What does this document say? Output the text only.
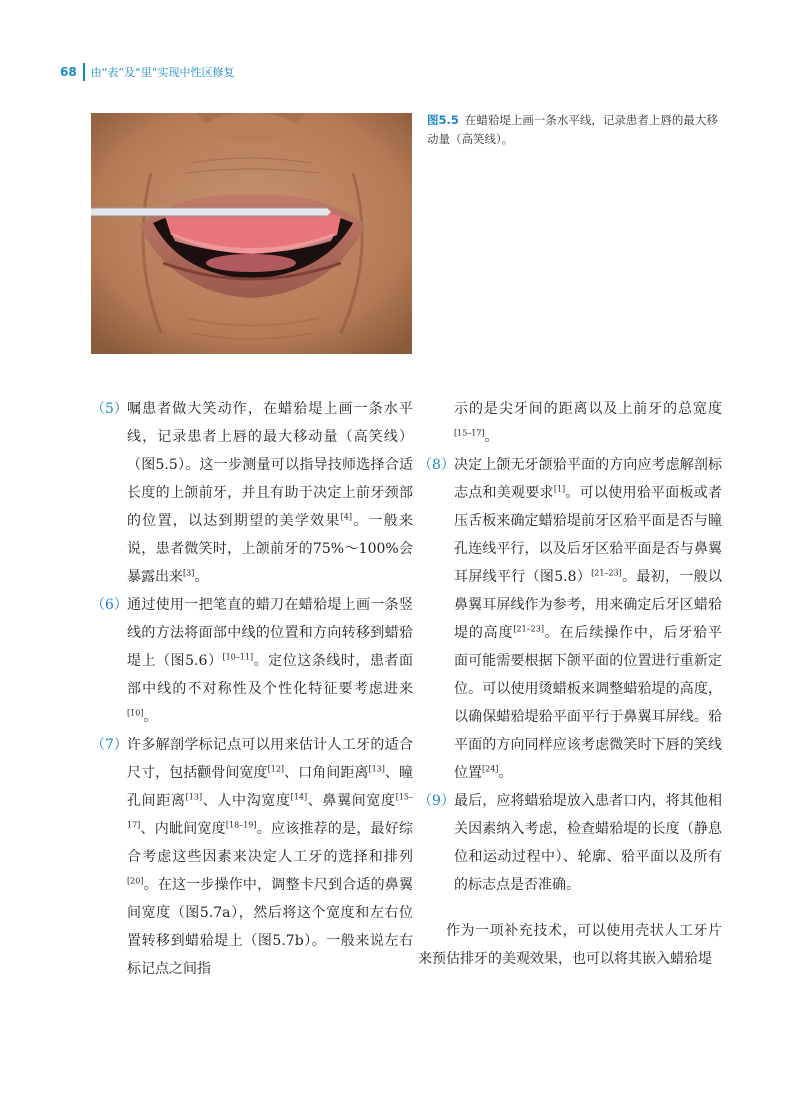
68 由“表”及“里”实现中性区修复
图5.5 在蜡𬌗堤上画一条水平线，记录患者上唇的最大移动量（高笑线）。
（5） 嘱患者做大笑动作，在蜡𬌗堤上画一条水平线，记录患者上唇的最大移动量（高笑线）（图5.5）。这一步测量可以指导技师选择合适长度的上颌前牙，并且有助于决定上前牙颈部的位置，以达到期望的美学效果[4]。一般来说，患者微笑时，上颌前牙的75%～100%会暴露出来[3]。
（6） 通过使用一把笔直的蜡刀在蜡𬌗堤上画一条竖线的方法将面部中线的位置和方向转移到蜡𬌗堤上（图5.6）[10–11]。定位这条线时，患者面部中线的不对称性及个性化特征要考虑进来[10]。
（7） 许多解剖学标记点可以用来估计人工牙的适合尺寸，包括颧骨间宽度[12]、口角间距离[13]、瞳孔间距离[13]、人中沟宽度[14]、鼻翼间宽度[15–17]、内眦间宽度[18–19]。应该推荐的是，最好综合考虑这些因素来决定人工牙的选择和排列[20]。在这一步操作中，调整卡尺到合适的鼻翼间宽度（图5.7a），然后将这个宽度和左右位置转移到蜡𬌗堤上（图5.7b）。一般来说左右标记点之间指
示的是尖牙间的距离以及上前牙的总宽度[15–17]。
（8） 决定上颌无牙颌𬌗平面的方向应考虑解剖标志点和美观要求[1]。可以使用𬌗平面板或者压舌板来确定蜡𬌗堤前牙区𬌗平面是否与瞳孔连线平行，以及后牙区𬌗平面是否与鼻翼耳屏线平行（图5.8）[21–23]。最初，一般以鼻翼耳屏线作为参考，用来确定后牙区蜡𬌗堤的高度[21–23]。在后续操作中，后牙𬌗平面可能需要根据下颌平面的位置进行重新定位。可以使用烫蜡板来调整蜡𬌗堤的高度，以确保蜡𬌗堤𬌗平面平行于鼻翼耳屏线。𬌗平面的方向同样应该考虑微笑时下唇的笑线位置[24]。
（9） 最后，应将蜡𬌗堤放入患者口内，将其他相关因素纳入考虑，检查蜡𬌗堤的长度（静息位和运动过程中）、轮廓、𬌗平面以及所有的标志点是否准确。
作为一项补充技术，可以使用壳状人工牙片来预估排牙的美观效果，也可以将其嵌入蜡𬌗堤
